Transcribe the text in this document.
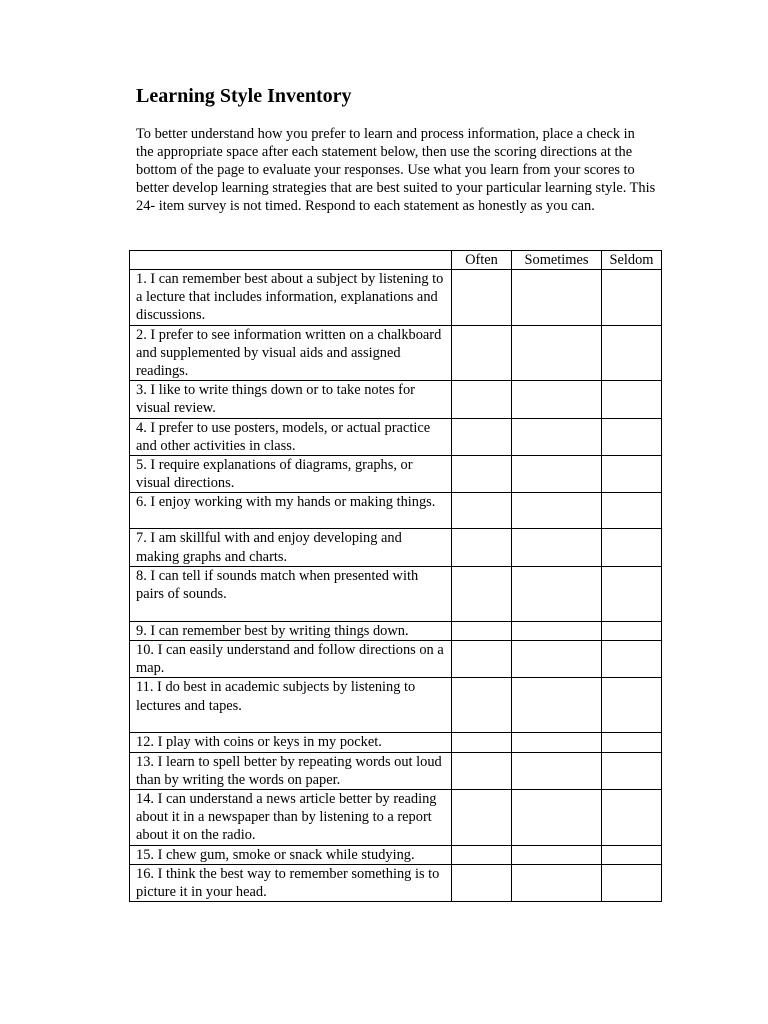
Learning Style Inventory

To better understand how you prefer to learn and process information, place a check in the appropriate space after each statement below, then use the scoring directions at the bottom of the page to evaluate your responses. Use what you learn from your scores to better develop learning strategies that are best suited to your particular learning style. This 24- item survey is not timed. Respond to each statement as honestly as you can.

	Often	Sometimes	Seldom
1. I can remember best about a subject by listening to a lecture that includes information, explanations and discussions.			
2. I prefer to see information written on a chalkboard and supplemented by visual aids and assigned readings.			
3. I like to write things down or to take notes for visual review.			
4. I prefer to use posters, models, or actual practice and other activities in class.			
5. I require explanations of diagrams, graphs, or visual directions.			
6. I enjoy working with my hands or making things.			
7. I am skillful with and enjoy developing and making graphs and charts.			
8. I can tell if sounds match when presented with pairs of sounds.			
9. I can remember best by writing things down.			
10. I can easily understand and follow directions on a map.			
11. I do best in academic subjects by listening to lectures and tapes.			
12. I play with coins or keys in my pocket.			
13. I learn to spell better by repeating words out loud than by writing the words on paper.			
14. I can understand a news article better by reading about it in a newspaper than by listening to a report about it on the radio.			
15. I chew gum, smoke or snack while studying.			
16. I think the best way to remember something is to picture it in your head.			
